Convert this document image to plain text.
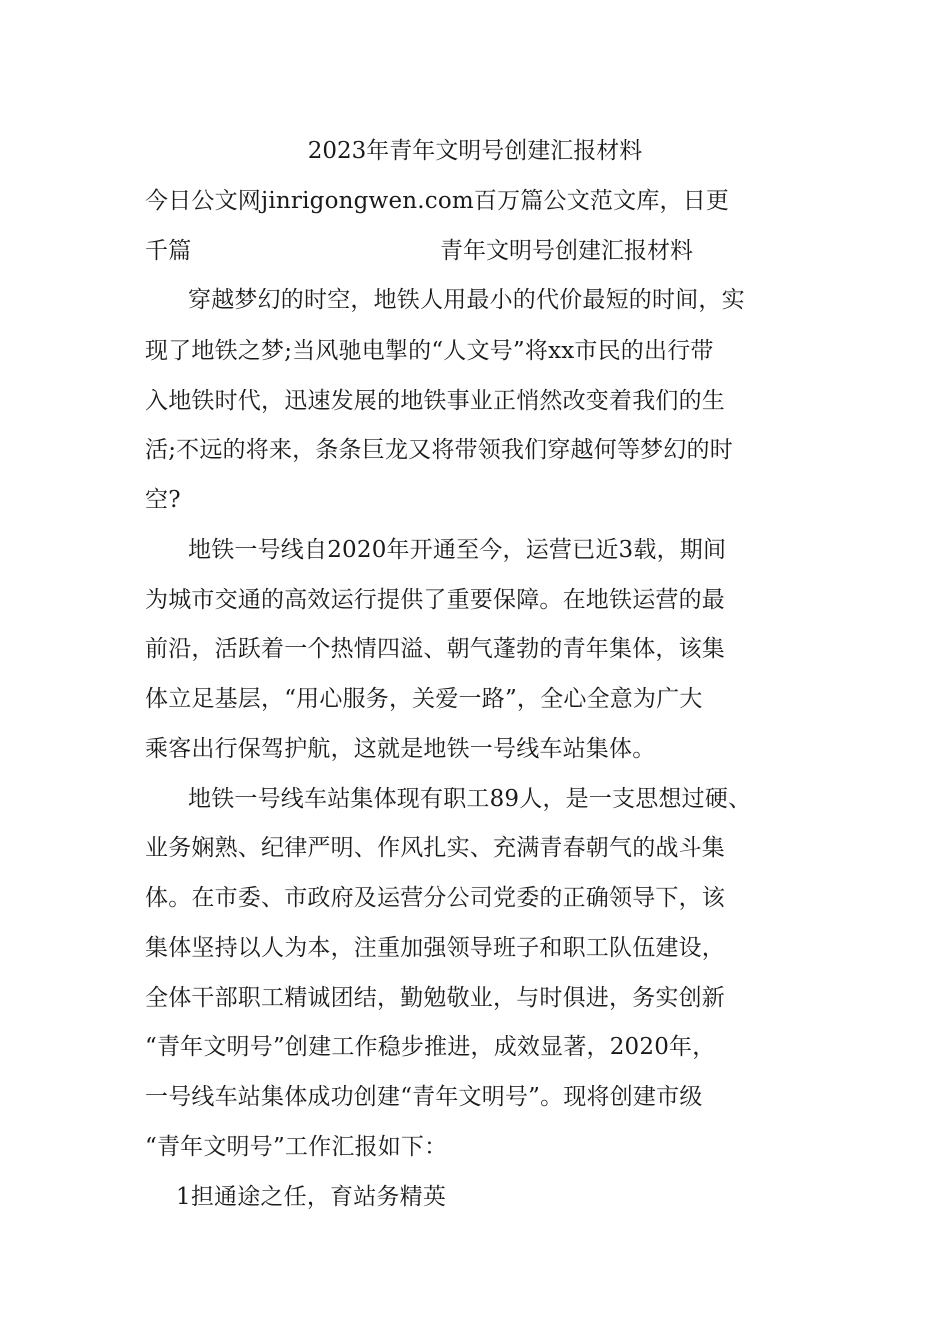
2023年青年文明号创建汇报材料
今日公文网jinrigongwen.com百万篇公文范文库，日更
千篇	青年文明号创建汇报材料
穿越梦幻的时空，地铁人用最小的代价最短的时间，实
现了地铁之梦;当风驰电掣的“人文号”将xx市民的出行带
入地铁时代，迅速发展的地铁事业正悄然改变着我们的生
活;不远的将来，条条巨龙又将带领我们穿越何等梦幻的时
空?
地铁一号线自2020年开通至今，运营已近3载，期间
为城市交通的高效运行提供了重要保障。在地铁运营的最
前沿，活跃着一个热情四溢、朝气蓬勃的青年集体，该集
体立足基层，“用心服务，关爱一路”，全心全意为广大
乘客出行保驾护航，这就是地铁一号线车站集体。
地铁一号线车站集体现有职工89人，是一支思想过硬、
业务娴熟、纪律严明、作风扎实、充满青春朝气的战斗集
体。在市委、市政府及运营分公司党委的正确领导下，该
集体坚持以人为本，注重加强领导班子和职工队伍建设，
全体干部职工精诚团结，勤勉敬业，与时俱进，务实创新
“青年文明号”创建工作稳步推进，成效显著，2020年，
一号线车站集体成功创建“青年文明号”。现将创建市级
“青年文明号”工作汇报如下：
1担通途之任，育站务精英
